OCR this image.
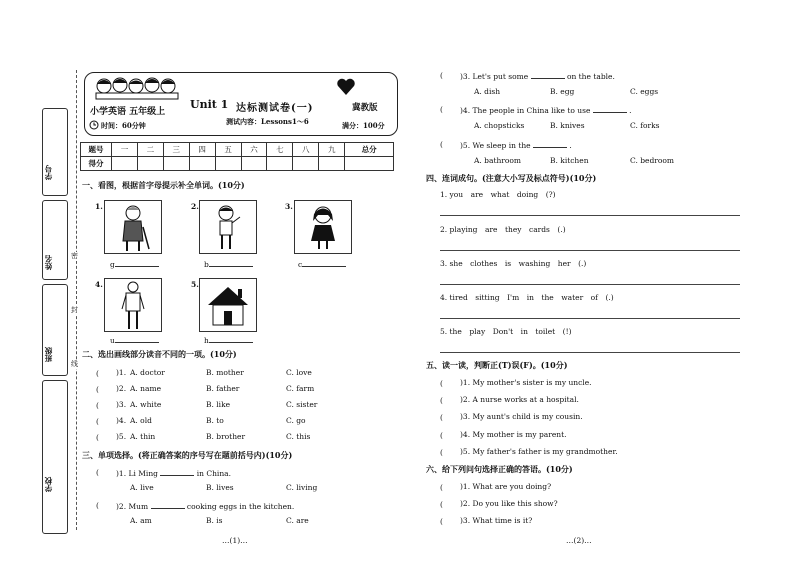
学号
姓名
班级
学校
密
封
线
小学英语 五年级上
Unit 1 达标测试卷(一)	冀教版
时间：60分钟	测试内容：Lessons1～6	满分：100分
题号	一	二	三	四	五	六	七	八	九	总分
得分										
一、看图，根据首字母提示补全单词。(10分)
1.
g
2.
b
3.
c
4.
u
5.
h
二、选出画线部分读音不同的一项。(10分)
(　 )1. A. doctor	B. mother	C. love
(　 )2. A. name	B. father	C. farm
(　 )3. A. white	B. like	C. sister
(　 )4. A. old	B. to	C. go
(　 )5. A. thin	B. brother	C. this
三、单项选择。(将正确答案的序号写在题前括号内)(10分)
(　 )1. Li Ming	in China.
A. live	B. lives	C. living
(　 )2. Mum	cooking eggs in the kitchen.
A. am	B. is	C. are
…(1)…
(　 )3. Let's put some	on the table.
A. dish	B. egg	C. eggs
(　 )4. The people in China like to use	.
A. chopsticks	B. knives	C. forks
(　 )5. We sleep in the	.
A. bathroom	B. kitchen	C. bedroom
四、连词成句。(注意大小写及标点符号)(10分)
1. you　are　what　doing　(?)
2. playing　are　they　cards　(.)
3. she　clothes　is　washing　her　(.)
4. tired　sitting　I'm　in　the　water　of　(.)
5. the　play　Don't　in　toilet　(!)
五、读一读，判断正(T)误(F)。(10分)
(　 )1. My mother's sister is my uncle.
(　 )2. A nurse works at a hospital.
(　 )3. My aunt's child is my cousin.
(　 )4. My mother is my parent.
(　 )5. My father's father is my grandmother.
六、给下列问句选择正确的答语。(10分)
(　 )1. What are you doing?
(　 )2. Do you like this show?
(　 )3. What time is it?
…(2)…
